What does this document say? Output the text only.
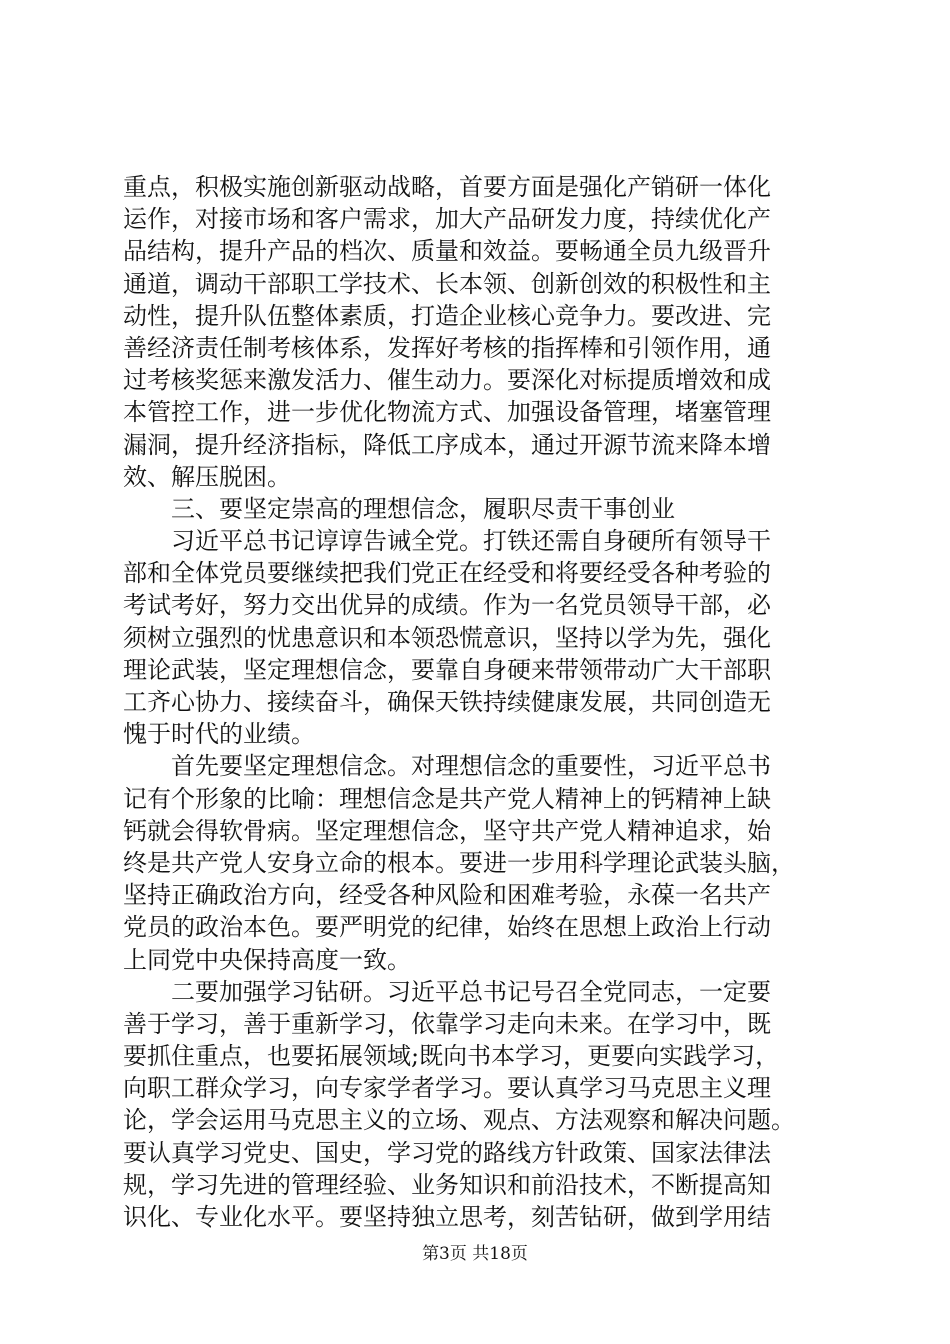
重点，积极实施创新驱动战略，首要方面是强化产销研一体化
运作，对接市场和客户需求，加大产品研发力度，持续优化产
品结构，提升产品的档次、质量和效益。要畅通全员九级晋升
通道，调动干部职工学技术、长本领、创新创效的积极性和主
动性，提升队伍整体素质，打造企业核心竞争力。要改进、完
善经济责任制考核体系，发挥好考核的指挥棒和引领作用，通
过考核奖惩来激发活力、催生动力。要深化对标提质增效和成
本管控工作，进一步优化物流方式、加强设备管理，堵塞管理
漏洞，提升经济指标，降低工序成本，通过开源节流来降本增
效、解压脱困。
　　三、要坚定崇高的理想信念，履职尽责干事创业
　　习近平总书记谆谆告诫全党。打铁还需自身硬所有领导干
部和全体党员要继续把我们党正在经受和将要经受各种考验的
考试考好，努力交出优异的成绩。作为一名党员领导干部，必
须树立强烈的忧患意识和本领恐慌意识，坚持以学为先，强化
理论武装，坚定理想信念，要靠自身硬来带领带动广大干部职
工齐心协力、接续奋斗，确保天铁持续健康发展，共同创造无
愧于时代的业绩。
　　首先要坚定理想信念。对理想信念的重要性，习近平总书
记有个形象的比喻：理想信念是共产党人精神上的钙精神上缺
钙就会得软骨病。坚定理想信念，坚守共产党人精神追求，始
终是共产党人安身立命的根本。要进一步用科学理论武装头脑，
坚持正确政治方向，经受各种风险和困难考验，永葆一名共产
党员的政治本色。要严明党的纪律，始终在思想上政治上行动
上同党中央保持高度一致。
　　二要加强学习钻研。习近平总书记号召全党同志，一定要
善于学习，善于重新学习，依靠学习走向未来。在学习中，既
要抓住重点，也要拓展领域;既向书本学习，更要向实践学习，
向职工群众学习，向专家学者学习。要认真学习马克思主义理
论，学会运用马克思主义的立场、观点、方法观察和解决问题。
要认真学习党史、国史，学习党的路线方针政策、国家法律法
规，学习先进的管理经验、业务知识和前沿技术，不断提高知
识化、专业化水平。要坚持独立思考，刻苦钻研，做到学用结
第3页 共18页
